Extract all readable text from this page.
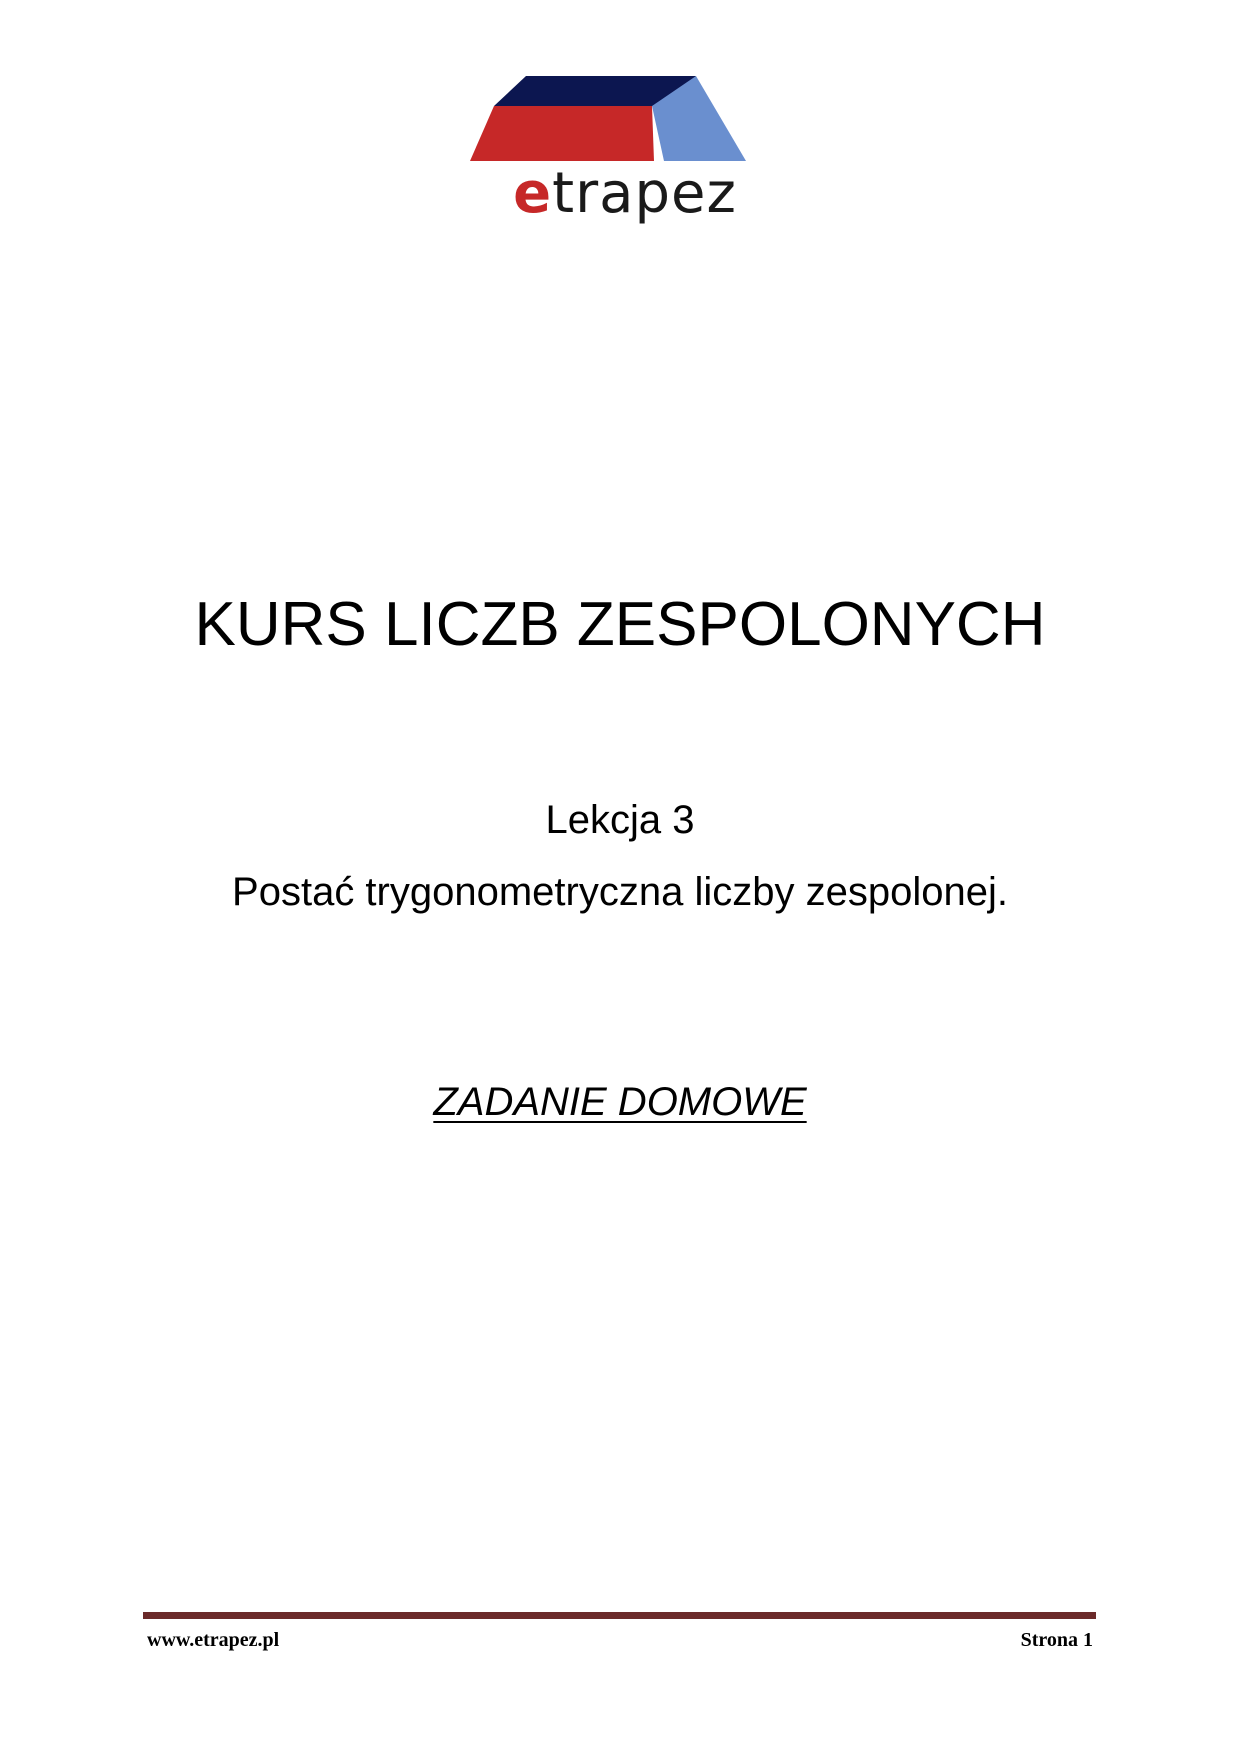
etrapez
KURS LICZB ZESPOLONYCH
Lekcja 3
Postać trygonometryczna liczby zespolonej.
ZADANIE DOMOWE
www.etrapez.pl	Strona 1
